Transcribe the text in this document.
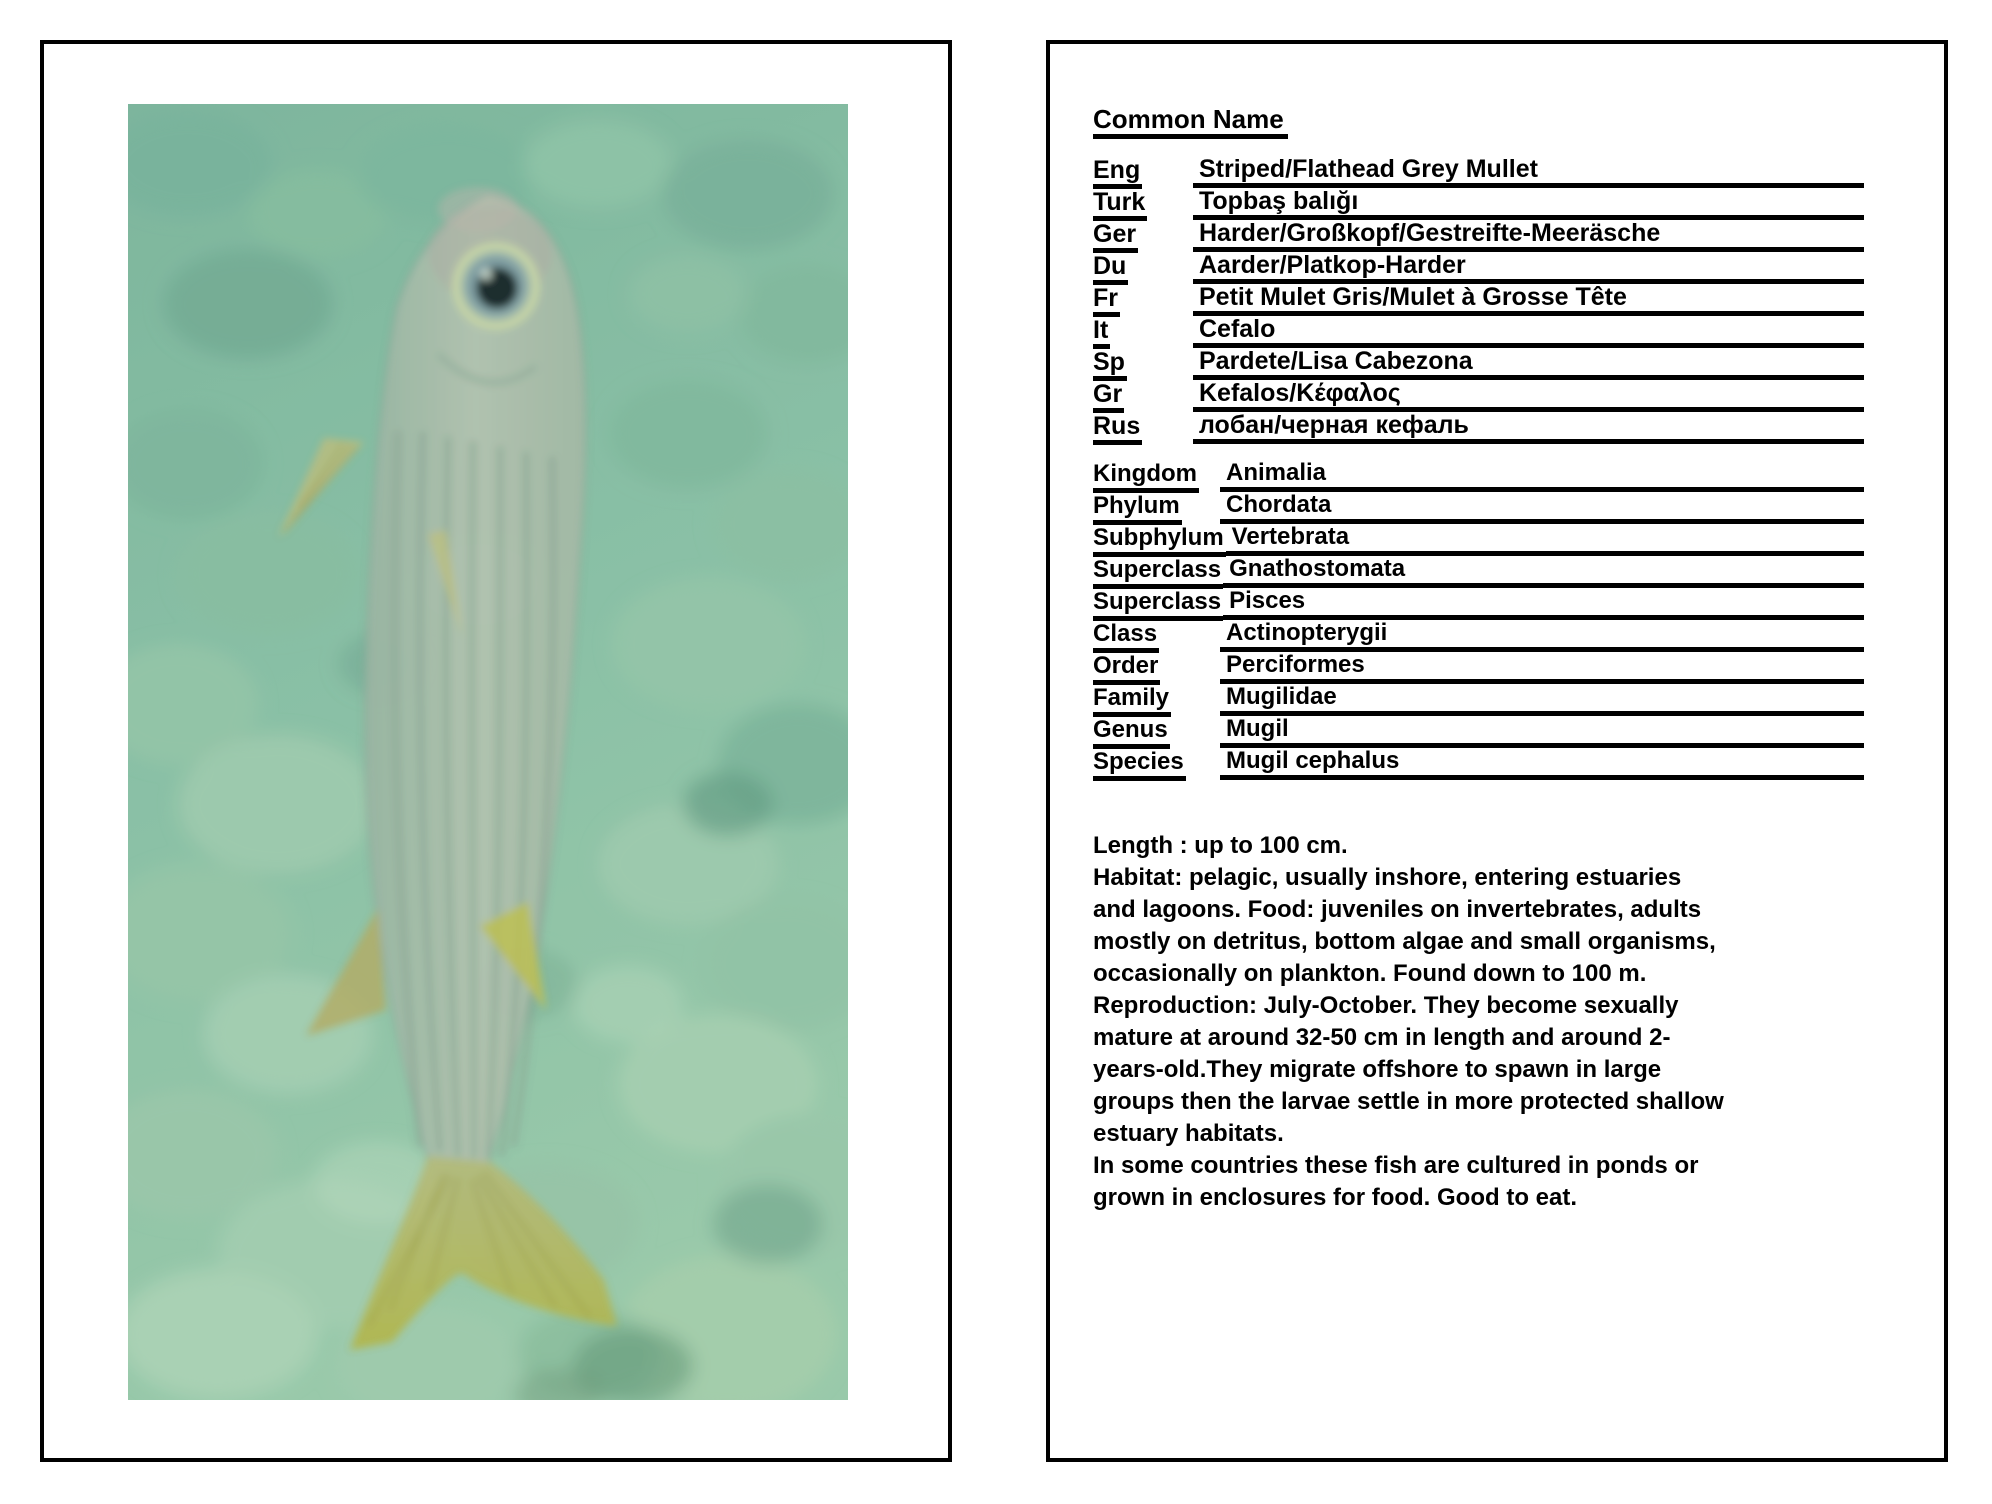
Common Name
Eng	Striped/Flathead Grey Mullet
Turk	Topbaş balığı
Ger	Harder/Großkopf/Gestreifte-Meeräsche
Du	Aarder/Platkop-Harder
Fr	Petit Mulet Gris/Mulet à Grosse Tête
It	Cefalo
Sp	Pardete/Lisa Cabezona
Gr	Kefalos/Κέφαλος
Rus	лобан/черная кефаль
Kingdom	Animalia
Phylum	Chordata
Subphylum Vertebrata
Superclass Gnathostomata
Superclass Pisces
Class	Actinopterygii
Order	Perciformes
Family	Mugilidae
Genus	Mugil
Species	Mugil cephalus
Length : up to 100 cm.
Habitat: pelagic, usually inshore, entering estuaries
and lagoons. Food: juveniles on invertebrates, adults
mostly on detritus, bottom algae and small organisms,
occasionally on plankton. Found down to 100 m.
Reproduction: July-October. They become sexually
mature at around 32-50 cm in length and around 2-
years-old.They migrate offshore to spawn in large
groups then the larvae settle in more protected shallow
estuary habitats.
In some countries these fish are cultured in ponds or
grown in enclosures for food. Good to eat.
